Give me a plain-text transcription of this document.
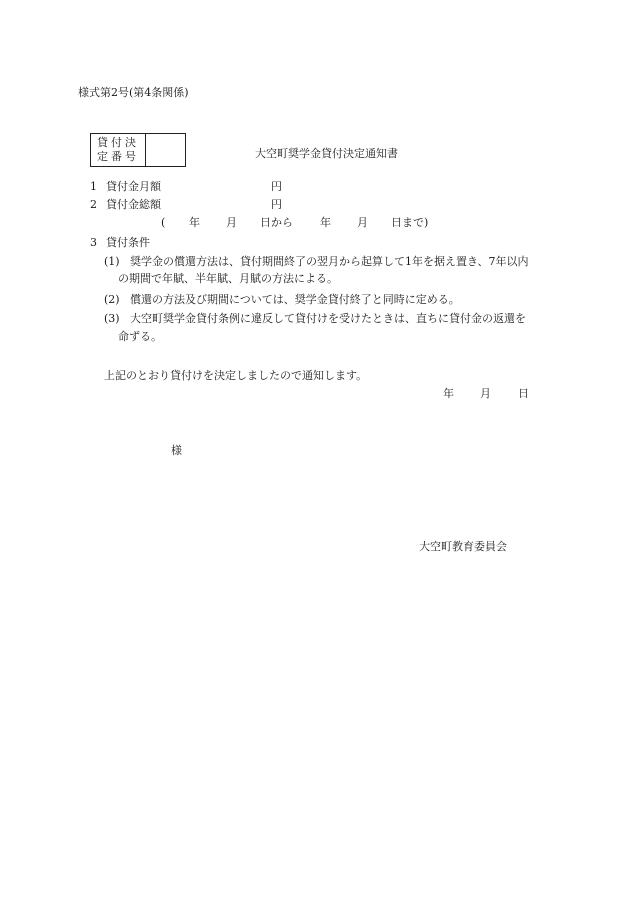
様式第2号(第4条関係)
貸付決
定番号	大空町奨学金貸付決定通知書
1 貸付金月額	円
2 貸付金総額	円
( 年 月 日から 年 月 日まで)
3 貸付条件
(1) 奨学金の償還方法は、貸付期間終了の翌月から起算して1年を据え置き、7年以内
の期間で年賦、半年賦、月賦の方法による。
(2) 償還の方法及び期間については、奨学金貸付終了と同時に定める。
(3) 大空町奨学金貸付条例に違反して貸付けを受けたときは、直ちに貸付金の返還を
命ずる。
上記のとおり貸付けを決定しましたので通知します。
年 月 日
様
大空町教育委員会
